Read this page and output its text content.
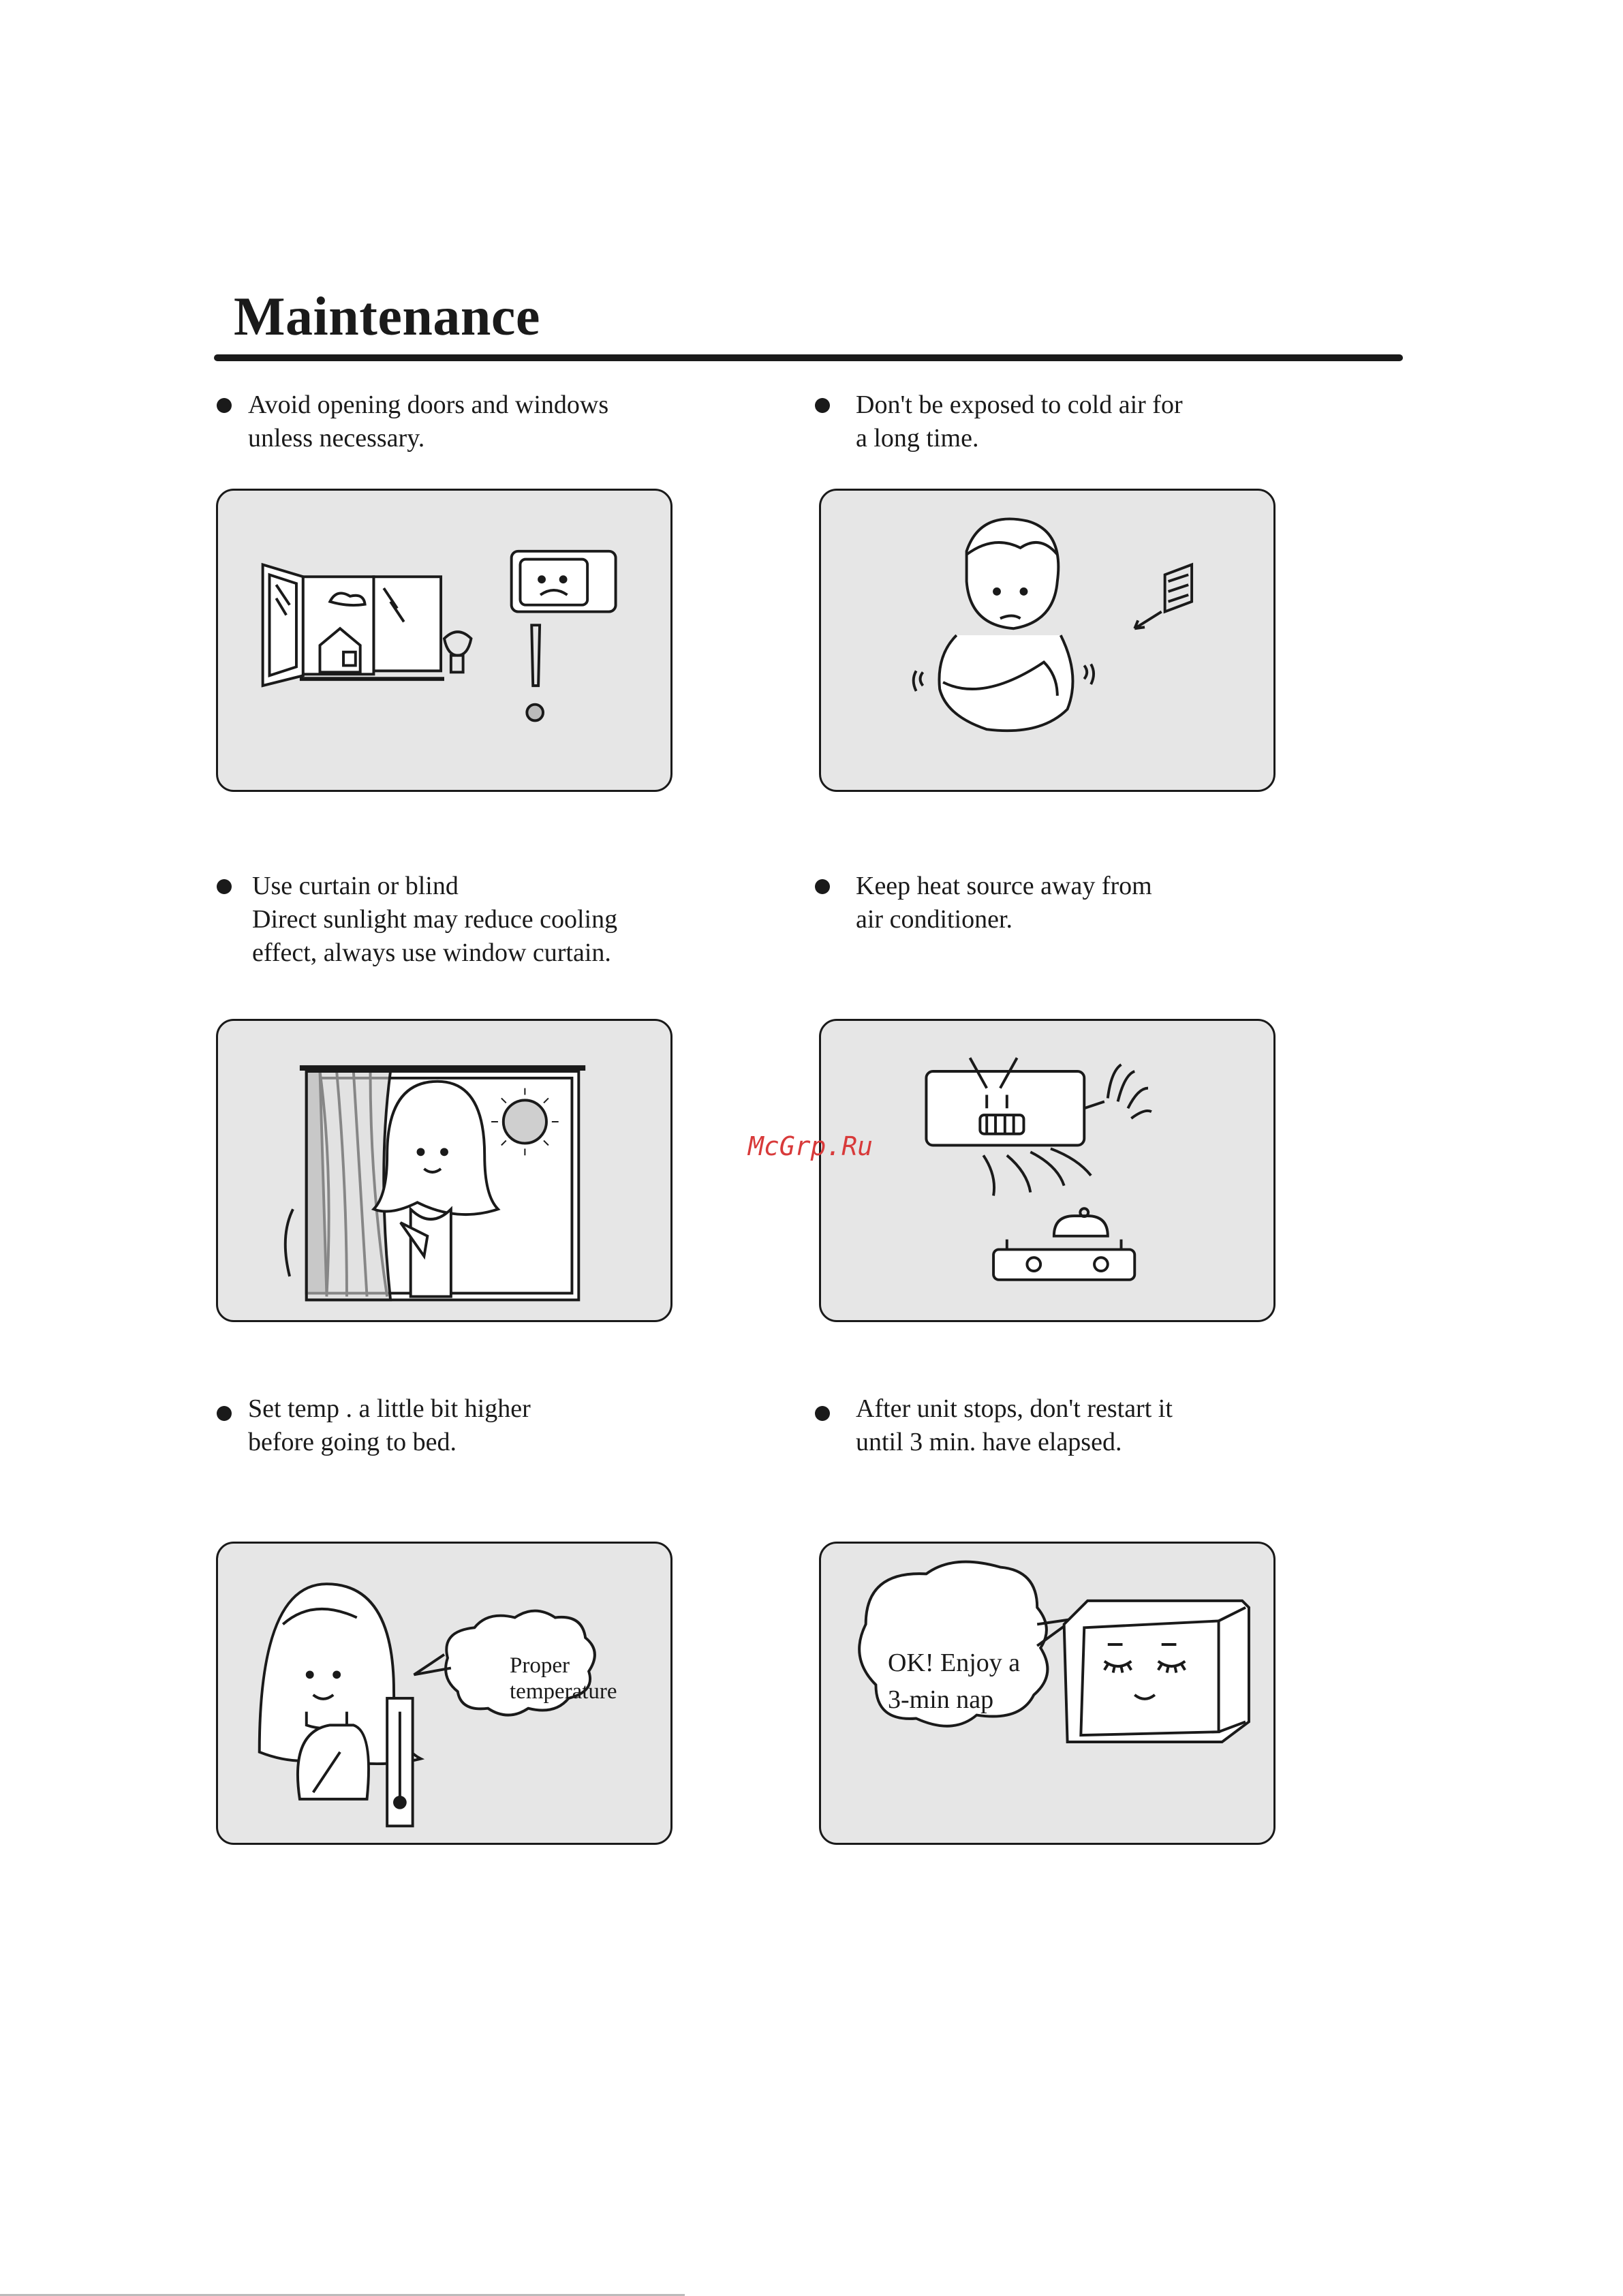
Maintenance
Avoid opening doors and windows
unless necessary.
Don't be exposed to cold air for
a long time.
Use curtain or blind
Direct sunlight may reduce cooling
effect, always use window curtain.
Keep heat source away from
air conditioner.
McGrp.Ru
Set temp . a little bit higher
before going to bed.
After unit stops, don't restart it
until 3 min. have elapsed.
Proper
temperature
OK! Enjoy a
3-min nap
